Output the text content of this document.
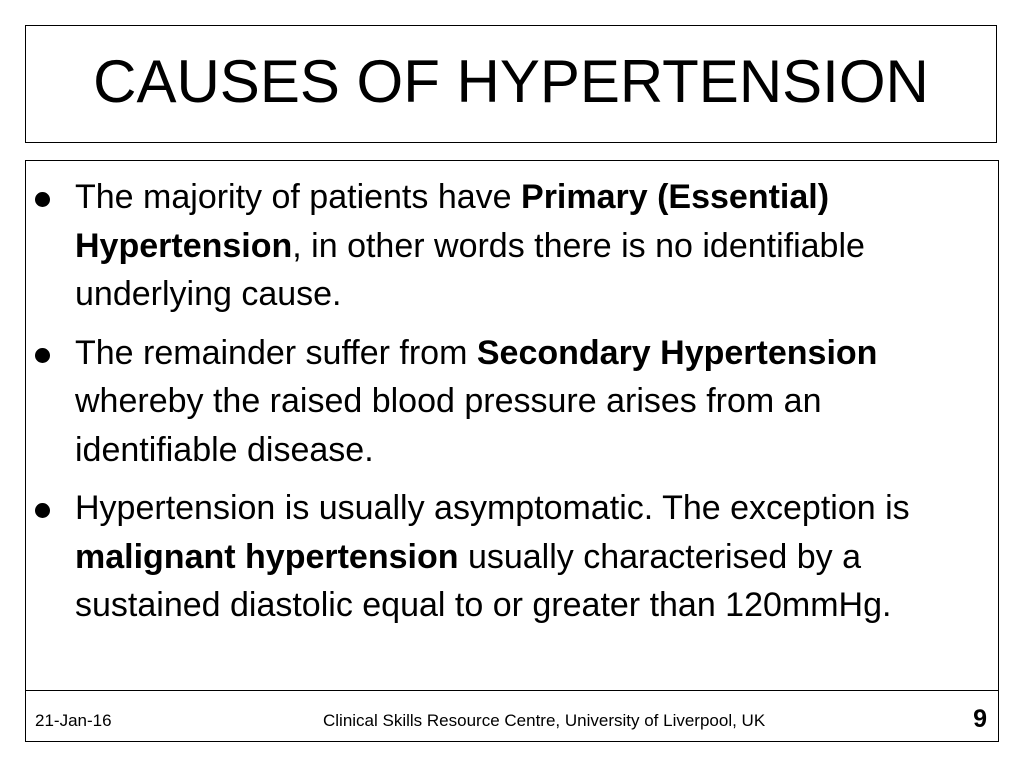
CAUSES OF HYPERTENSION
The majority of patients have Primary (Essential) Hypertension, in other words there is no identifiable underlying cause.
The remainder suffer from Secondary Hypertension whereby the raised blood pressure arises from an identifiable disease.
Hypertension is usually asymptomatic. The exception is malignant hypertension usually characterised by a sustained diastolic equal to or greater than 120mmHg.
21-Jan-16	Clinical Skills Resource Centre, University of Liverpool, UK	9
